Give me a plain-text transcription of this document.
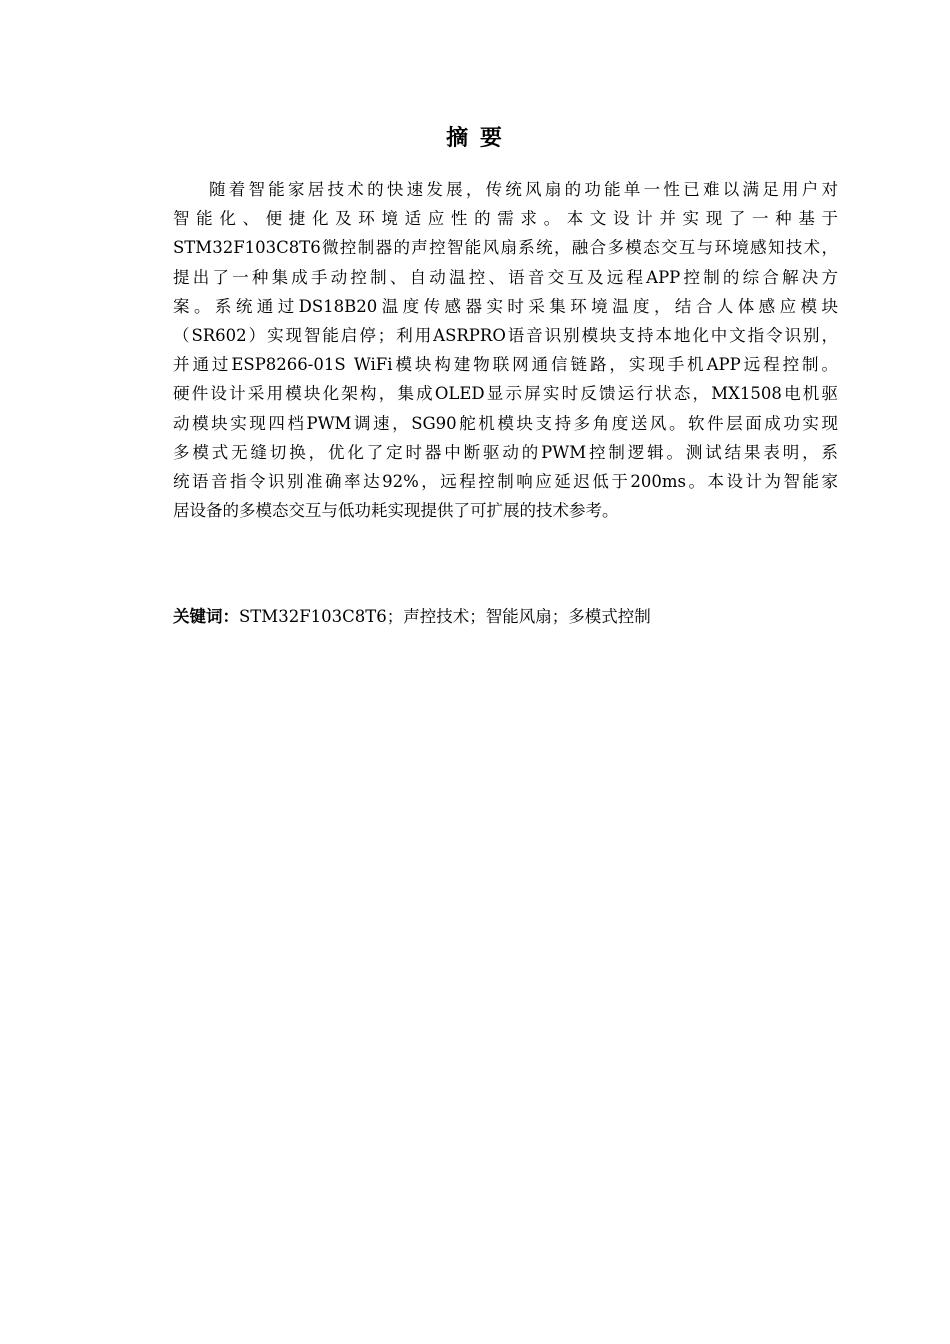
摘 要
随着智能家居技术的快速发展，传统风扇的功能单一性已难以满足用户对
智能化、便捷化及环境适应性的需求。本文设计并实现了一种基于
STM32F103C8T6微控制器的声控智能风扇系统，融合多模态交互与环境感知技术，
提出了一种集成手动控制、自动温控、语音交互及远程APP控制的综合解决方
案。系统通过DS18B20温度传感器实时采集环境温度，结合人体感应模块
（SR602）实现智能启停；利用ASRPRO语音识别模块支持本地化中文指令识别，
并通过ESP8266-01S WiFi模块构建物联网通信链路，实现手机APP远程控制。
硬件设计采用模块化架构，集成OLED显示屏实时反馈运行状态，MX1508电机驱
动模块实现四档PWM调速，SG90舵机模块支持多角度送风。软件层面成功实现
多模式无缝切换，优化了定时器中断驱动的PWM控制逻辑。测试结果表明，系
统语音指令识别准确率达92%，远程控制响应延迟低于200ms。本设计为智能家
居设备的多模态交互与低功耗实现提供了可扩展的技术参考。
关键词：STM32F103C8T6；声控技术；智能风扇；多模式控制
